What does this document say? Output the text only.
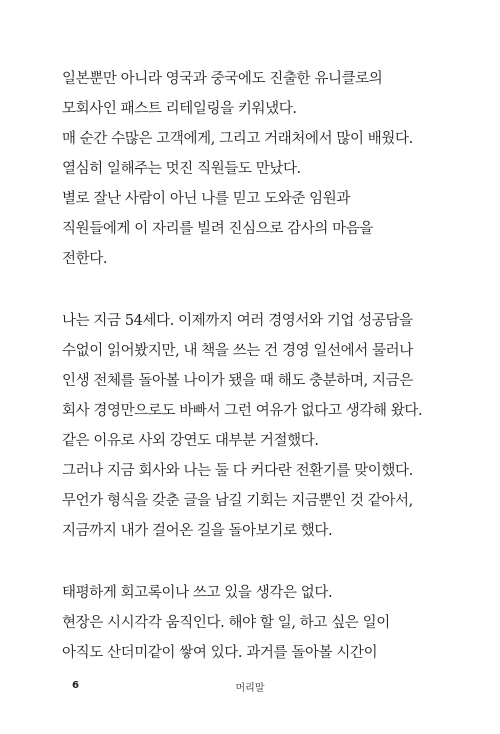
일본뿐만 아니라 영국과 중국에도 진출한 유니클로의
모회사인 패스트 리테일링을 키워냈다.
매 순간 수많은 고객에게, 그리고 거래처에서 많이 배웠다.
열심히 일해주는 멋진 직원들도 만났다.
별로 잘난 사람이 아닌 나를 믿고 도와준 임원과
직원들에게 이 자리를 빌려 진심으로 감사의 마음을
전한다.
나는 지금 54세다. 이제까지 여러 경영서와 기업 성공담을
수없이 읽어봤지만, 내 책을 쓰는 건 경영 일선에서 물러나
인생 전체를 돌아볼 나이가 됐을 때 해도 충분하며, 지금은
회사 경영만으로도 바빠서 그런 여유가 없다고 생각해 왔다.
같은 이유로 사외 강연도 대부분 거절했다.
그러나 지금 회사와 나는 둘 다 커다란 전환기를 맞이했다.
무언가 형식을 갖춘 글을 남길 기회는 지금뿐인 것 같아서,
지금까지 내가 걸어온 길을 돌아보기로 했다.
태평하게 회고록이나 쓰고 있을 생각은 없다.
현장은 시시각각 움직인다. 해야 할 일, 하고 싶은 일이
아직도 산더미같이 쌓여 있다. 과거를 돌아볼 시간이
6	머리말
